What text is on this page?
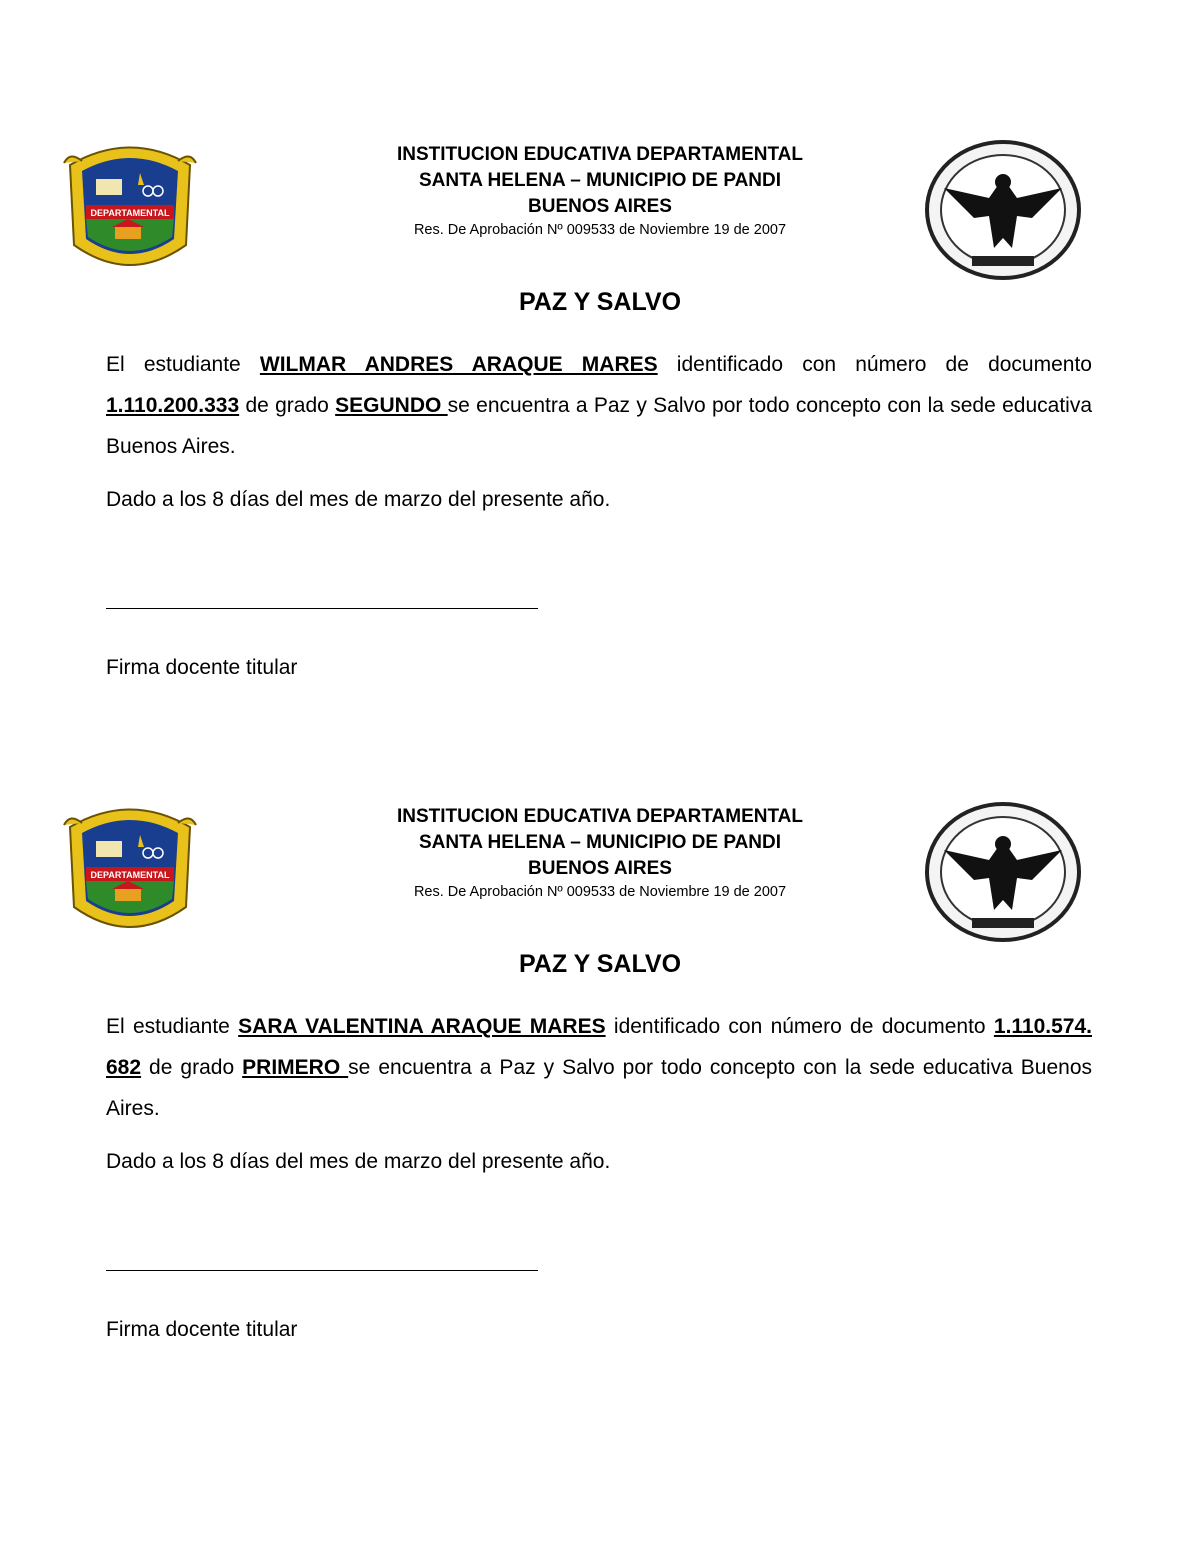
DEPARTAMENTAL
INSTITUCION EDUCATIVA DEPARTAMENTAL
SANTA HELENA – MUNICIPIO DE PANDI
BUENOS AIRES
Res. De Aprobación Nº 009533 de Noviembre 19 de 2007
PAZ Y SALVO
El estudiante WILMAR ANDRES ARAQUE MARES identificado con número de documento 1.110.200.333 de grado SEGUNDO se encuentra a Paz y Salvo por todo concepto con la sede educativa Buenos Aires.
Dado a los 8 días del mes de marzo del presente año.
Firma docente titular
DEPARTAMENTAL
INSTITUCION EDUCATIVA DEPARTAMENTAL
SANTA HELENA – MUNICIPIO DE PANDI
BUENOS AIRES
Res. De Aprobación Nº 009533 de Noviembre 19 de 2007
PAZ Y SALVO
El estudiante SARA VALENTINA ARAQUE MARES identificado con número de documento 1.110.574. 682 de grado PRIMERO se encuentra a Paz y Salvo por todo concepto con la sede educativa Buenos Aires.
Dado a los 8 días del mes de marzo del presente año.
Firma docente titular
